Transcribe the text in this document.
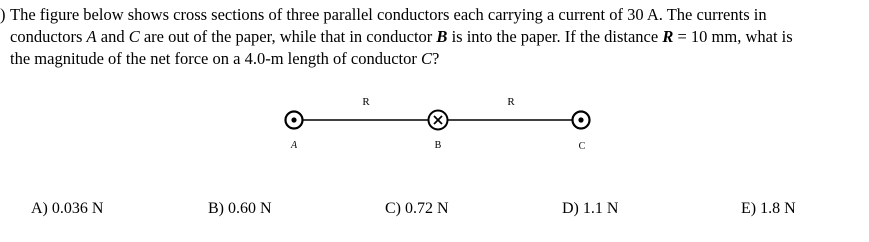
) The figure below shows cross sections of three parallel conductors each carrying a current of 30 A. The currents in
conductors A and C are out of the paper, while that in conductor B is into the paper. If the distance R = 10 mm, what is
the magnitude of the net force on a 4.0-m length of conductor C?
R	R
A	B	C
A) 0.036 N	B) 0.60 N	C) 0.72 N	D) 1.1 N	E) 1.8 N
